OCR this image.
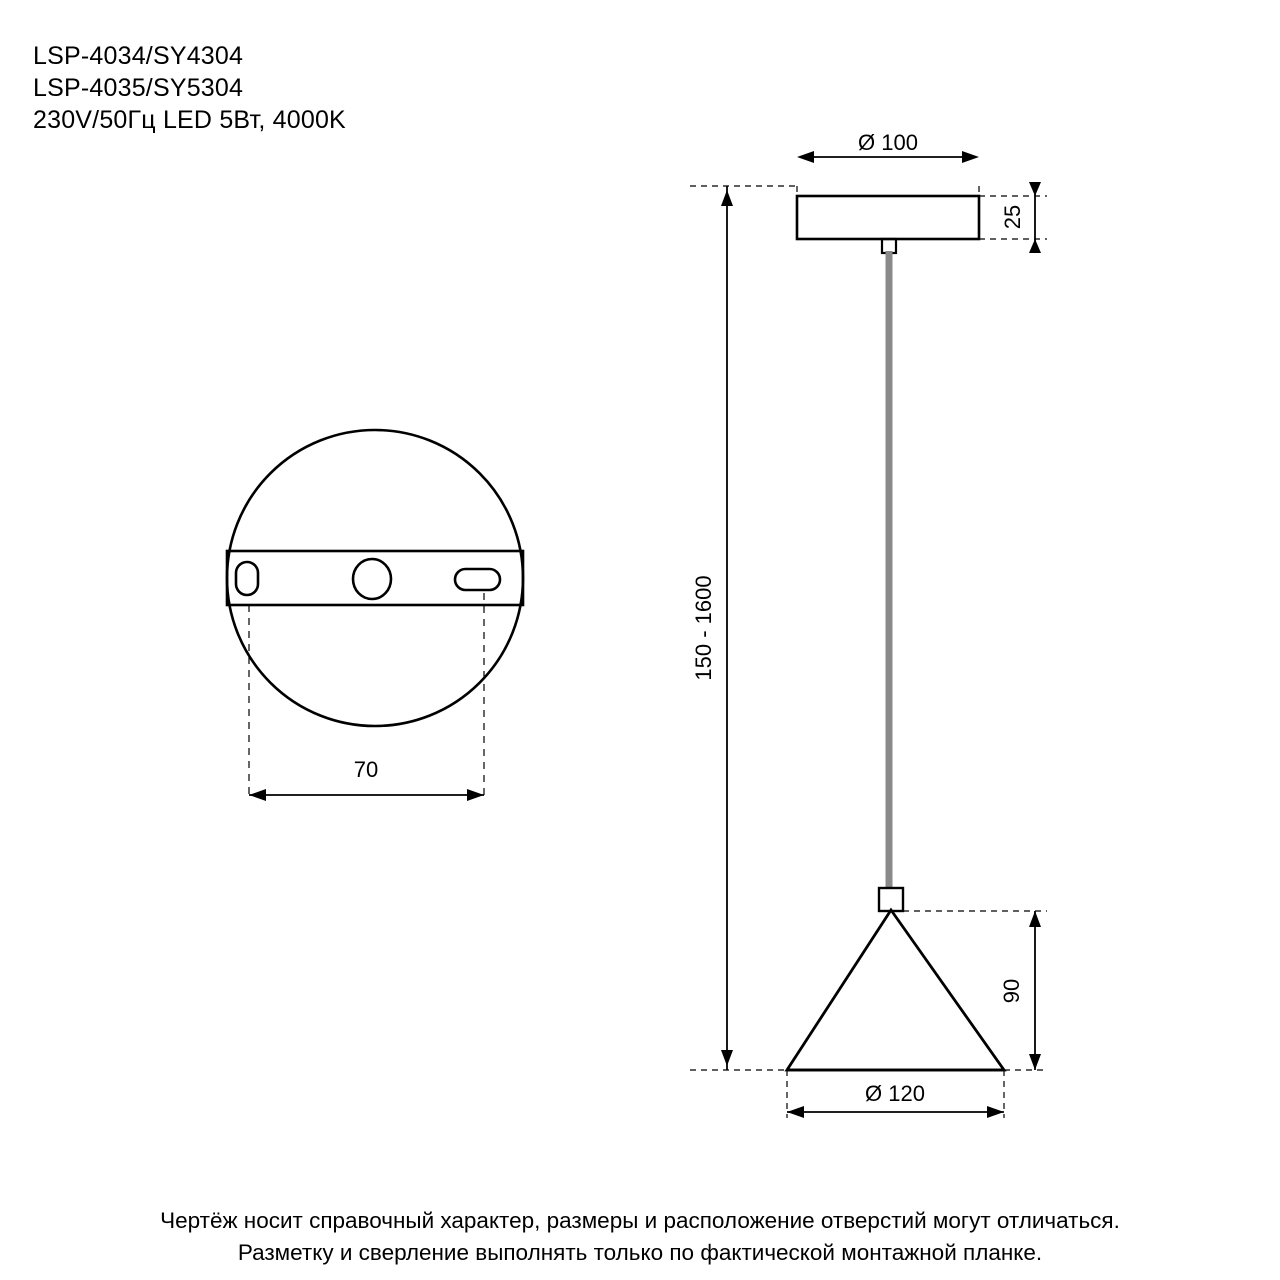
LSP-4034/SY4304
LSP-4035/SY5304
230V/50Гц LED 5Вт, 4000K
70
Ø 100
25
150 - 1600
90
Ø 120
Чертёж носит справочный характер, размеры и расположение отверстий могут отличаться.
Разметку и сверление выполнять только по фактической монтажной планке.
